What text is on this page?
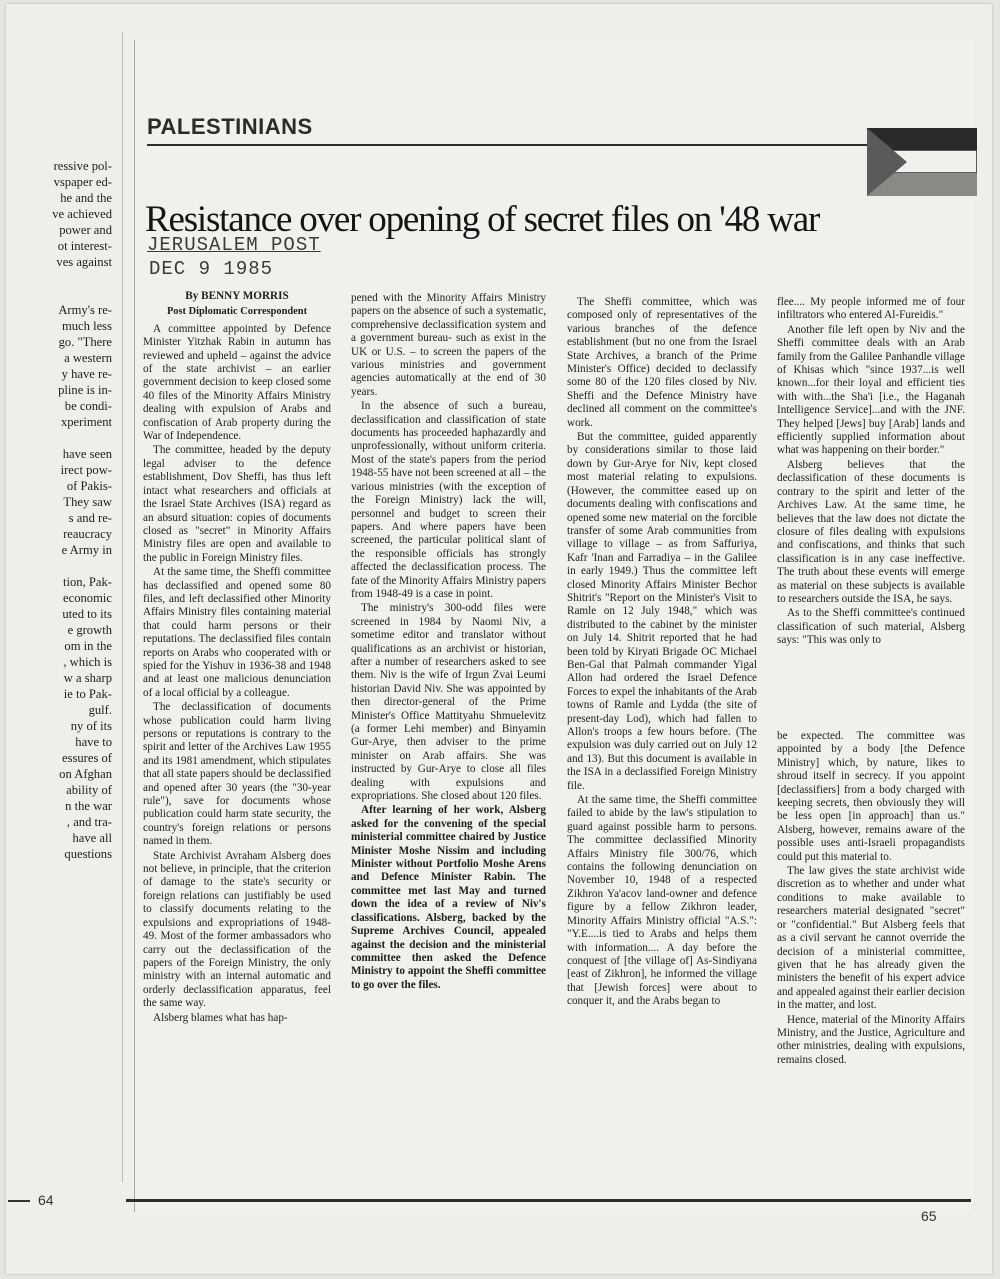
ressive pol-
vspaper ed-
he and the
ve achieved
power and
ot interest-
ves against
Army's re-
much less
go. "There
a western
y have re-
pline is in-
be condi-
xperiment
have seen
irect pow-
of Pakis-
They saw
s and re-
reaucracy
e Army in
tion, Pak-
economic
uted to its
e growth
om in the
, which is
w a sharp
ie to Pak-
gulf.
ny of its
have to
essures of
on Afghan
ability of
n the war
, and tra-
have all
questions
64
PALESTINIANS
Resistance over opening of secret files on '48 war
JERUSALEM POST
DEC 9 1985
By BENNY MORRIS
Post Diplomatic Correspondent

A committee appointed by Defence Minister Yitzhak Rabin in autumn has reviewed and upheld – against the advice of the state archivist – an earlier government decision to keep closed some 40 files of the Minority Affairs Ministry dealing with expulsion of Arabs and confiscation of Arab property during the War of Independence.

The committee, headed by the deputy legal adviser to the defence establishment, Dov Sheffi, has thus left intact what researchers and officials at the Israel State Archives (ISA) regard as an absurd situation: copies of documents closed as "secret" in Minority Affairs Ministry files are open and available to the public in Foreign Ministry files.

At the same time, the Sheffi committee has declassified and opened some 80 files, and left declassified other Minority Affairs Ministry files containing material that could harm persons or their reputations. The declassified files contain reports on Arabs who cooperated with or spied for the Yishuv in 1936-38 and 1948 and at least one malicious denunciation of a local official by a colleague.

The declassification of documents whose publication could harm living persons or reputations is contrary to the spirit and letter of the Archives Law 1955 and its 1981 amendment, which stipulates that all state papers should be declassified and opened after 30 years (the "30-year rule"), save for documents whose publication could harm state security, the country's foreign relations or persons named in them.

State Archivist Avraham Alsberg does not believe, in principle, that the criterion of damage to the state's security or foreign relations can justifiably be used to classify documents relating to the expulsions and expropriations of 1948-49. Most of the former ambassadors who carry out the declassification of the papers of the Foreign Ministry, the only ministry with an internal automatic and orderly declassification apparatus, feel the same way.

Alsberg blames what has hap-

pened with the Minority Affairs Ministry papers on the absence of such a systematic, comprehensive declassification system and a government bureau- such as exist in the UK or U.S. – to screen the papers of the various ministries and government agencies automatically at the end of 30 years.

In the absence of such a bureau, declassification and classification of state documents has proceeded haphazardly and unprofessionally, without uniform criteria. Most of the state's papers from the period 1948-55 have not been screened at all – the various ministries (with the exception of the Foreign Ministry) lack the will, personnel and budget to screen their papers. And where papers have been screened, the particular political slant of the responsible officials has strongly affected the declassification process. The fate of the Minority Affairs Ministry papers from 1948-49 is a case in point.

The ministry's 300-odd files were screened in 1984 by Naomi Niv, a sometime editor and translator without qualifications as an archivist or historian, after a number of researchers asked to see them. Niv is the wife of Irgun Zvai Leumi historian David Niv. She was appointed by then director-general of the Prime Minister's Office Mattityahu Shmuelevitz (a former Lehi member) and Binyamin Gur-Arye, then adviser to the prime minister on Arab affairs. She was instructed by Gur-Arye to close all files dealing with expulsions and expropriations. She closed about 120 files.

After learning of her work, Alsberg asked for the convening of the special ministerial committee chaired by Justice Minister Moshe Nissim and including Minister without Portfolio Moshe Arens and Defence Minister Rabin. The committee met last May and turned down the idea of a review of Niv's classifications. Alsberg, backed by the Supreme Archives Council, appealed against the decision and the ministerial committee then asked the Defence Ministry to appoint the Sheffi committee to go over the files.

The Sheffi committee, which was composed only of representatives of the various branches of the defence establishment (but no one from the Israel State Archives, a branch of the Prime Minister's Office) decided to declassify some 80 of the 120 files closed by Niv. Sheffi and the Defence Ministry have declined all comment on the committee's work.

But the committee, guided apparently by considerations similar to those laid down by Gur-Arye for Niv, kept closed most material relating to expulsions. (However, the committee eased up on documents dealing with confiscations and opened some new material on the forcible transfer of some Arab communities from village to village – as from Saffuriya, Kafr 'Inan and Farradiya – in the Galilee in early 1949.) Thus the committee left closed Minority Affairs Minister Bechor Shitrit's "Report on the Minister's Visit to Ramle on 12 July 1948," which was distributed to the cabinet by the minister on July 14. Shitrit reported that he had been told by Kiryati Brigade OC Michael Ben-Gal that Palmah commander Yigal Allon had ordered the Israel Defence Forces to expel the inhabitants of the Arab towns of Ramle and Lydda (the site of present-day Lod), which had fallen to Allon's troops a few hours before. (The expulsion was duly carried out on July 12 and 13). But this document is available in the ISA in a declassified Foreign Ministry file.

At the same time, the Sheffi committee failed to abide by the law's stipulation to guard against possible harm to persons. The committee declassified Minority Affairs Ministry file 300/76, which contains the following denunciation on November 10, 1948 of a respected Zikhron Ya'acov land-owner and defence figure by a fellow Zikhron leader, Minority Affairs Ministry official "A.S.": "Y.E....is tied to Arabs and helps them with information.... A day before the conquest of [the village of] As-Sindiyana [east of Zikhron], he informed the village that [Jewish forces] were about to conquer it, and the Arabs began to

flee.... My people informed me of four infiltrators who entered Al-Fureidis."

Another file left open by Niv and the Sheffi committee deals with an Arab family from the Galilee Panhandle village of Khisas which "since 1937...is well known...for their loyal and efficient ties with with...the Sha'i [i.e., the Haganah Intelligence Service]...and with the JNF. They helped [Jews] buy [Arab] lands and efficiently supplied information about what was happening on their border."

Alsberg believes that the declassification of these documents is contrary to the spirit and letter of the Archives Law. At the same time, he believes that the law does not dictate the closure of files dealing with expulsions and confiscations, and thinks that such classification is in any case ineffective. The truth about these events will emerge as material on these subjects is available to researchers outside the ISA, he says.

As to the Sheffi committee's continued classification of such material, Alsberg says: "This was only to

be expected. The committee was appointed by a body [the Defence Ministry] which, by nature, likes to shroud itself in secrecy. If you appoint [declassifiers] from a body charged with keeping secrets, then obviously they will be less open [in approach] than us." Alsberg, however, remains aware of the possible uses anti-Israeli propagandists could put this material to.

The law gives the state archivist wide discretion as to whether and under what conditions to make available to researchers material designated "secret" or "confidential." But Alsberg feels that as a civil servant he cannot override the decision of a ministerial committee, given that he has already given the ministers the benefit of his expert advice and appealed against their earlier decision in the matter, and lost.

Hence, material of the Minority Affairs Ministry, and the Justice, Agriculture and other ministries, dealing with expulsions, remains closed.

65
